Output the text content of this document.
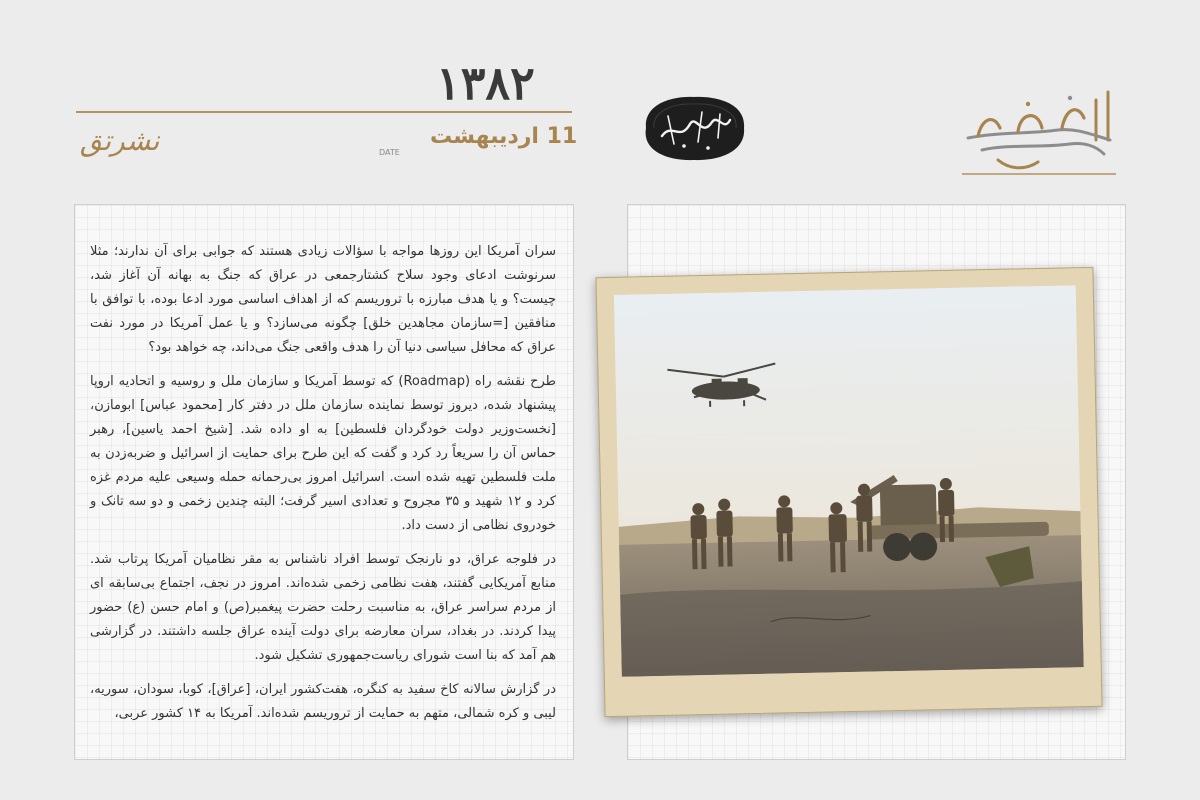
۱۳۸۲
11 اردیبهشت
DATE
نشرتق

سران آمریکا این روزها مواجه با سؤالات زیادی هستند که جوابی برای آن ندارند؛ مثلا سرنوشت ادعای وجود سلاح کشتارجمعی در عراق که جنگ به بهانه آن آغاز شد، چیست؟ و یا هدف مبارزه با تروریسم که از اهداف اساسی مورد ادعا بوده، با توافق با منافقین [=سازمان مجاهدین خلق] چگونه می‌سازد؟ و یا عمل آمریکا در مورد نفت عراق که محافل سیاسی دنیا آن را هدف واقعی جنگ می‌داند، چه خواهد بود؟

طرح نقشه راه (Roadmap) که توسط آمریکا و سازمان ملل و روسیه و اتحادیه اروپا پیشنهاد شده، دیروز توسط نماینده سازمان ملل در دفتر کار [محمود عباس] ابومازن، [نخست‌وزیر دولت خودگردان فلسطین] به او داده شد. [شیخ احمد یاسین]، رهبر حماس آن را سریعاً رد کرد و گفت که این طرح برای حمایت از اسرائیل و ضربه‌زدن به ملت فلسطین تهیه شده است. اسرائیل امروز بی‌رحمانه حمله وسیعی علیه مردم غزه کرد و ۱۲ شهید و ۳۵ مجروح و تعدادی اسیر گرفت؛ البته چندین زخمی و دو سه تانک و خودروی نظامی از دست داد.

در فلوجه عراق، دو نارنجک توسط افراد ناشناس به مقر نظامیان آمریکا پرتاب شد. منابع آمریکایی گفتند، هفت نظامی زخمی شده‌اند. امروز در نجف، اجتماع بی‌سابقه ای از مردم سراسر عراق، به مناسبت رحلت حضرت پیغمبر(ص) و امام حسن (ع) حضور پیدا کردند. در بغداد، سران معارضه برای دولت آینده عراق جلسه داشتند. در گزارشی هم آمد که بنا است شورای ریاست‌جمهوری تشکیل شود.

در گزارش سالانه کاخ سفید به کنگره، هفت‌کشور ایران، [عراق]، کوبا، سودان، سوریه، لیبی و کره شمالی، متهم به حمایت از تروریسم شده‌اند. آمریکا به ۱۴ کشور عربی،
